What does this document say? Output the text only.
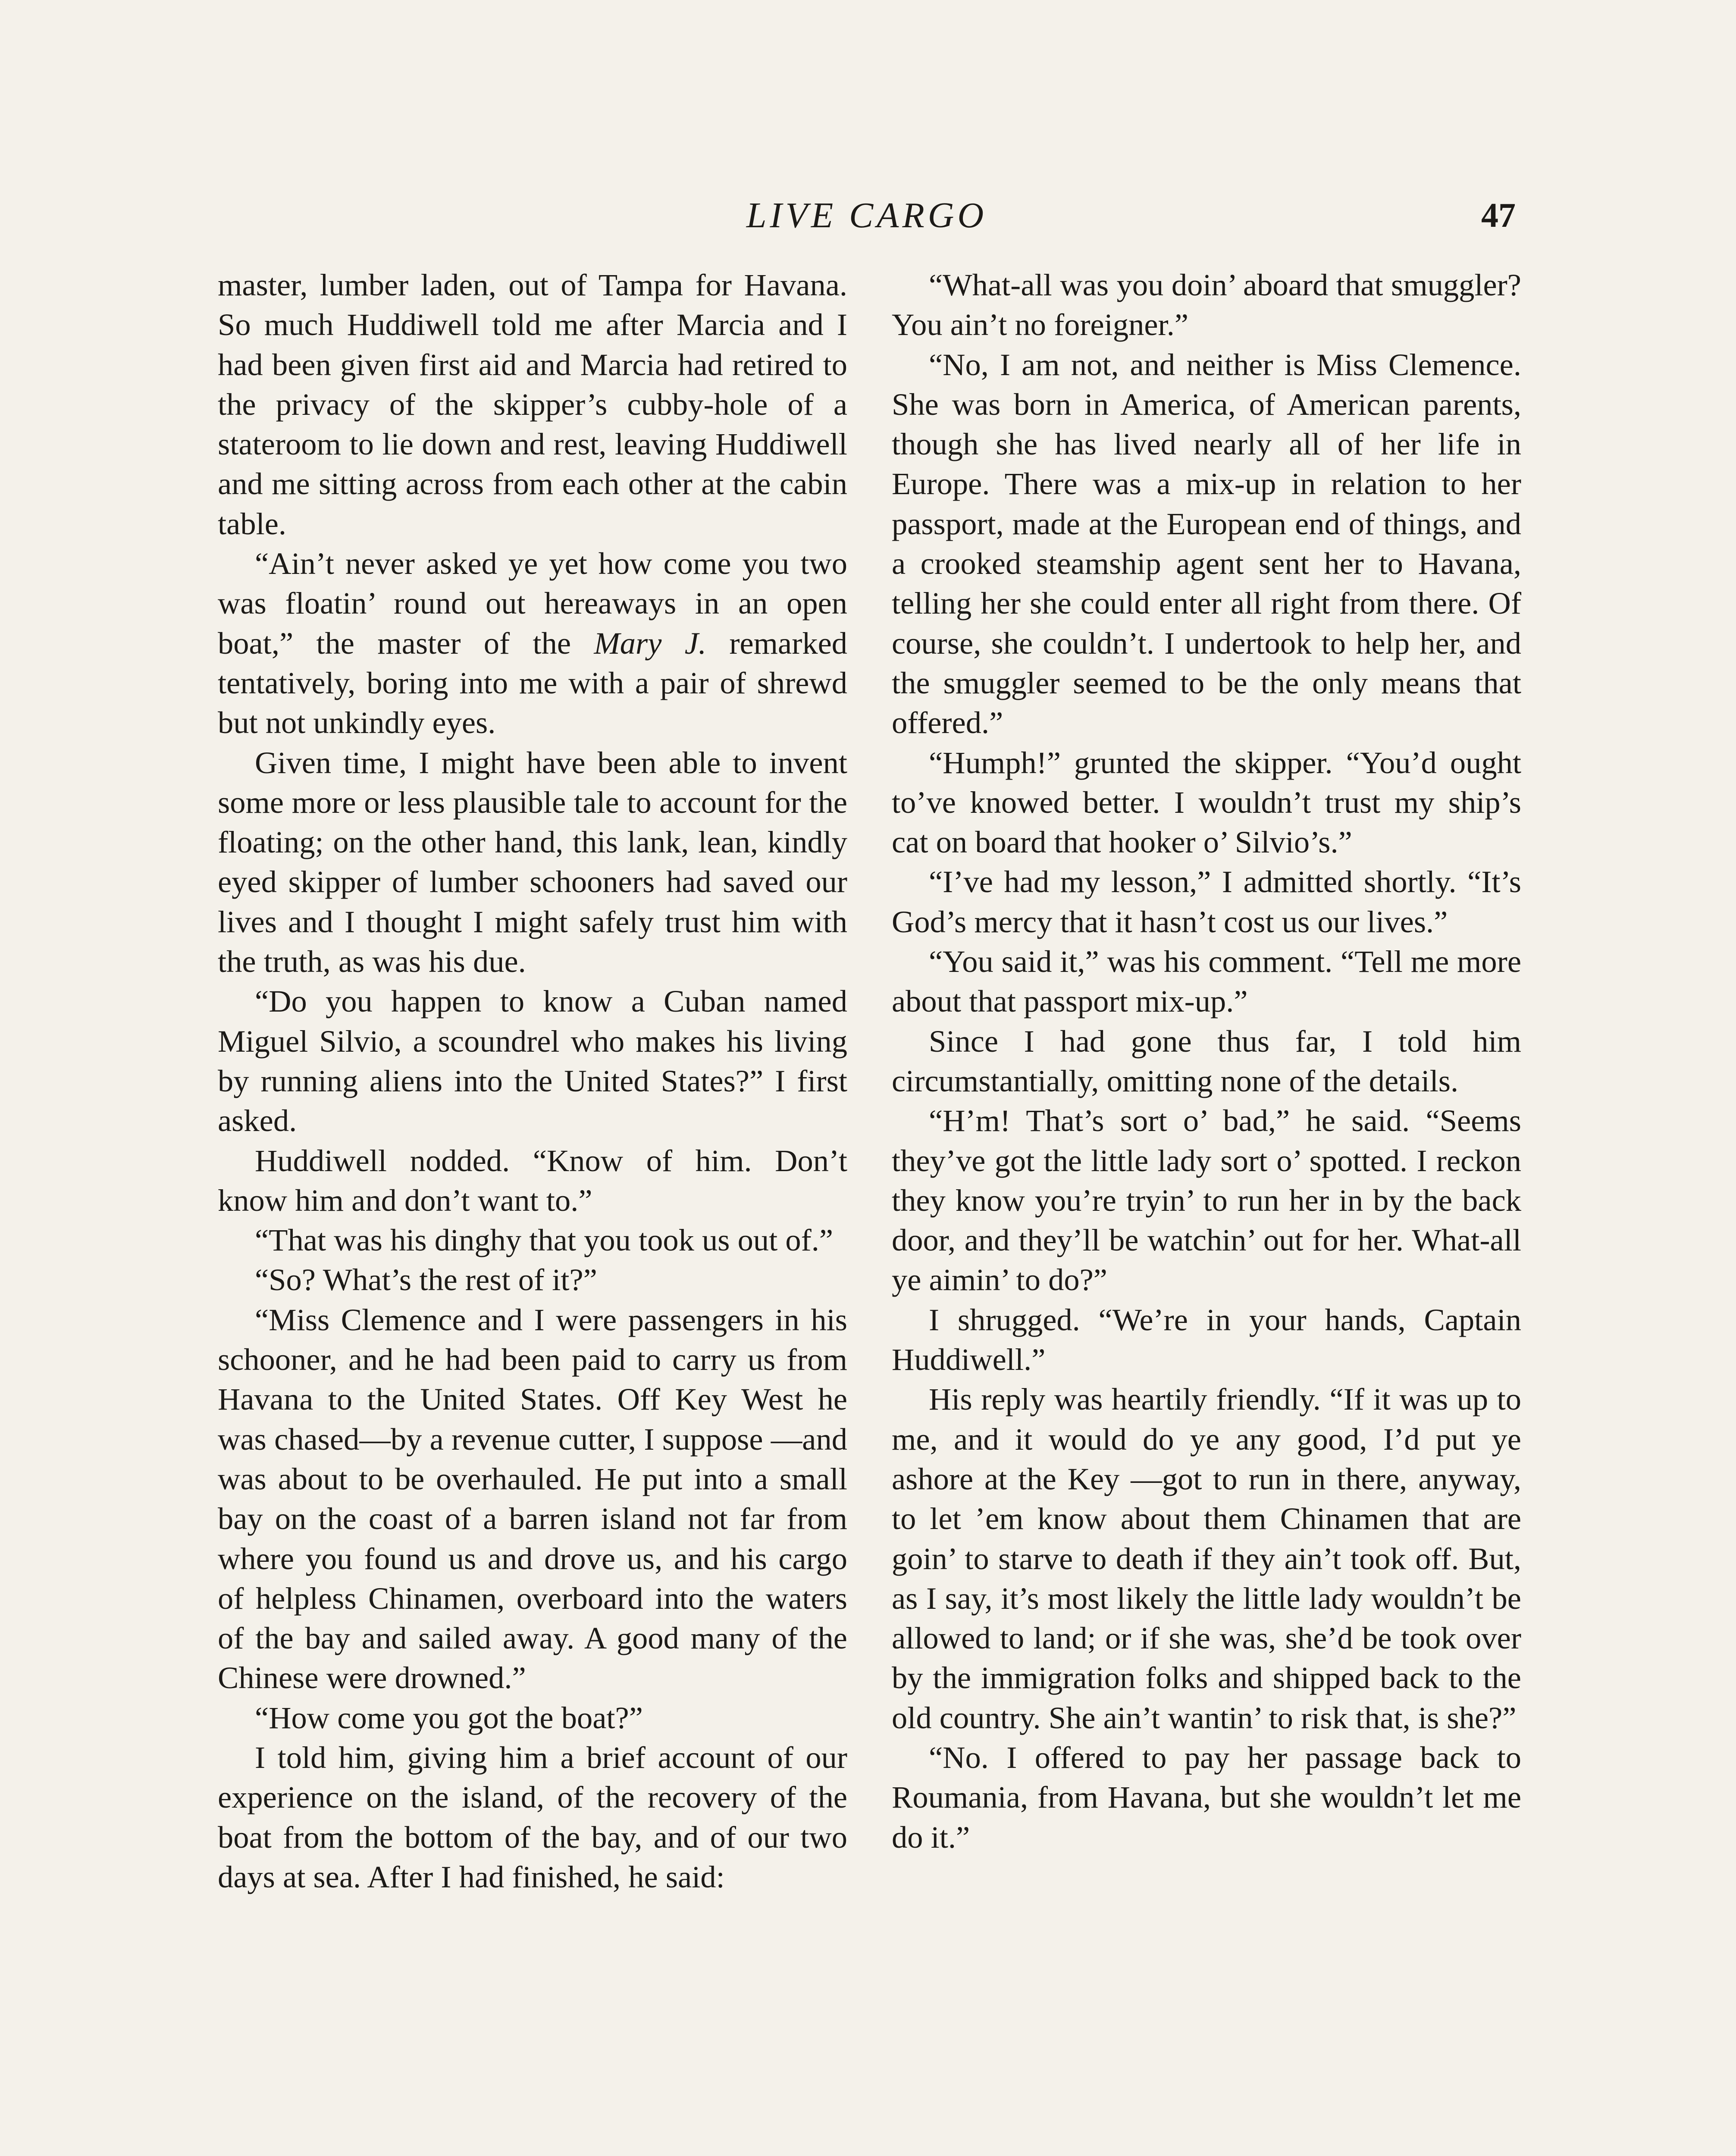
LIVE CARGO	47

master, lumber laden, out of Tampa for Havana. So much Huddiwell told me after Marcia and I had been given first aid and Marcia had retired to the privacy of the skipper’s cubby-hole of a stateroom to lie down and rest, leaving Huddiwell and me sitting across from each other at the cabin table.

“Ain’t never asked ye yet how come you two was floatin’ round out hereaways in an open boat,” the master of the Mary J. remarked tentatively, boring into me with a pair of shrewd but not unkindly eyes.

Given time, I might have been able to invent some more or less plausible tale to account for the floating; on the other hand, this lank, lean, kindly eyed skipper of lumber schooners had saved our lives and I thought I might safely trust him with the truth, as was his due.

“Do you happen to know a Cuban named Miguel Silvio, a scoundrel who makes his living by running aliens into the United States?” I first asked.

Huddiwell nodded. “Know of him. Don’t know him and don’t want to.”

“That was his dinghy that you took us out of.”

“So? What’s the rest of it?”

“Miss Clemence and I were passengers in his schooner, and he had been paid to carry us from Havana to the United States. Off Key West he was chased—by a revenue cutter, I suppose —and was about to be overhauled. He put into a small bay on the coast of a barren island not far from where you found us and drove us, and his cargo of helpless Chinamen, overboard into the waters of the bay and sailed away. A good many of the Chinese were drowned.”

“How come you got the boat?”

I told him, giving him a brief account of our experience on the island, of the recovery of the boat from the bottom of the bay, and of our two days at sea. After I had finished, he said:

“What-all was you doin’ aboard that smuggler? You ain’t no foreigner.”

“No, I am not, and neither is Miss Clemence. She was born in America, of American parents, though she has lived nearly all of her life in Europe. There was a mix-up in relation to her passport, made at the European end of things, and a crooked steamship agent sent her to Havana, telling her she could enter all right from there. Of course, she couldn’t. I undertook to help her, and the smuggler seemed to be the only means that offered.”

“Humph!” grunted the skipper. “You’d ought to’ve knowed better. I wouldn’t trust my ship’s cat on board that hooker o’ Silvio’s.”

“I’ve had my lesson,” I admitted shortly. “It’s God’s mercy that it hasn’t cost us our lives.”

“You said it,” was his comment. “Tell me more about that passport mix-up.”

Since I had gone thus far, I told him circumstantially, omitting none of the details.

“H’m! That’s sort o’ bad,” he said. “Seems they’ve got the little lady sort o’ spotted. I reckon they know you’re tryin’ to run her in by the back door, and they’ll be watchin’ out for her. What-all ye aimin’ to do?”

I shrugged. “We’re in your hands, Captain Huddiwell.”

His reply was heartily friendly. “If it was up to me, and it would do ye any good, I’d put ye ashore at the Key —got to run in there, anyway, to let ’em know about them Chinamen that are goin’ to starve to death if they ain’t took off. But, as I say, it’s most likely the little lady wouldn’t be allowed to land; or if she was, she’d be took over by the immigration folks and shipped back to the old country. She ain’t wantin’ to risk that, is she?”

“No. I offered to pay her passage back to Roumania, from Havana, but she wouldn’t let me do it.”
